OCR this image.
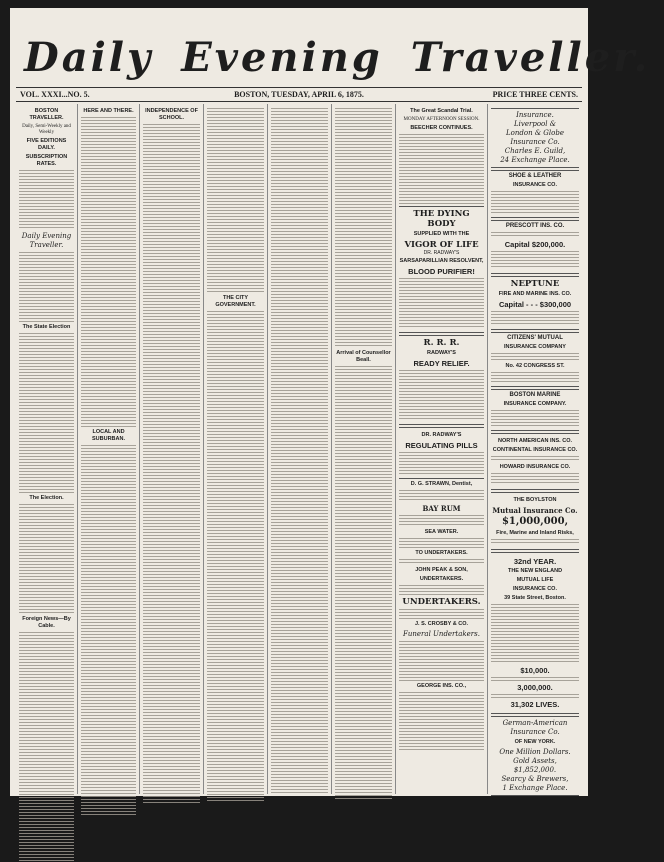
Daily Evening Traveller.
VOL. XXXI...NO. 5.	BOSTON, TUESDAY, APRIL 6, 1875.	PRICE THREE CENTS.
BOSTON TRAVELLER.
Daily, Semi-Weekly and Weekly
FIVE EDITIONS DAILY.
SUBSCRIPTION RATES.
Daily Evening Traveller.
The State Election
The Election.
Foreign News—By Cable.
HERE AND THERE.
LOCAL AND SUBURBAN.
INDEPENDENCE OF SCHOOL.
THE CITY GOVERNMENT.
Arrival of Counsellor Beall.
The Great Scandal Trial.
MONDAY AFTERNOON SESSION.
BEECHER CONTINUES.
THE DYING BODY
SUPPLIED WITH THE
VIGOR OF LIFE
DR. RADWAY'S
SARSAPARILLIAN RESOLVENT,
BLOOD PURIFIER!
R. R. R.
RADWAY'S
READY RELIEF.
DR. RADWAY'S
REGULATING PILLS
D. G. STRAWN, Dentist,
BAY RUM
SEA WATER.
TO UNDERTAKERS.
JOHN PEAK & SON,
UNDERTAKERS.
UNDERTAKERS.
J. S. CROSBY & CO.
Funeral Undertakers.
GEORGE INS. CO.,
Insurance.
Liverpool &
London & Globe
Insurance Co.
Charles E. Guild,
24 Exchange Place.
SHOE & LEATHER
INSURANCE CO.
PRESCOTT INS. CO.
Capital $200,000.
NEPTUNE
FIRE AND MARINE INS. CO.
Capital - - - $300,000
CITIZENS' MUTUAL
INSURANCE COMPANY
No. 42 CONGRESS ST.
BOSTON MARINE
INSURANCE COMPANY.
NORTH AMERICAN INS. CO.
CONTINENTAL INSURANCE CO.
HOWARD INSURANCE CO.
THE BOYLSTON
Mutual Insurance Co.
$1,000,000,
Fire, Marine and Inland Risks,
32nd YEAR.
THE NEW ENGLAND
MUTUAL LIFE
INSURANCE CO.
39 State Street, Boston.
$10,000.
3,000,000.
31,302 LIVES.
German-American
Insurance Co.
OF NEW YORK.
One Million Dollars.
Gold Assets, $1,852,000.
Searcy & Brewers,
1 Exchange Place.
